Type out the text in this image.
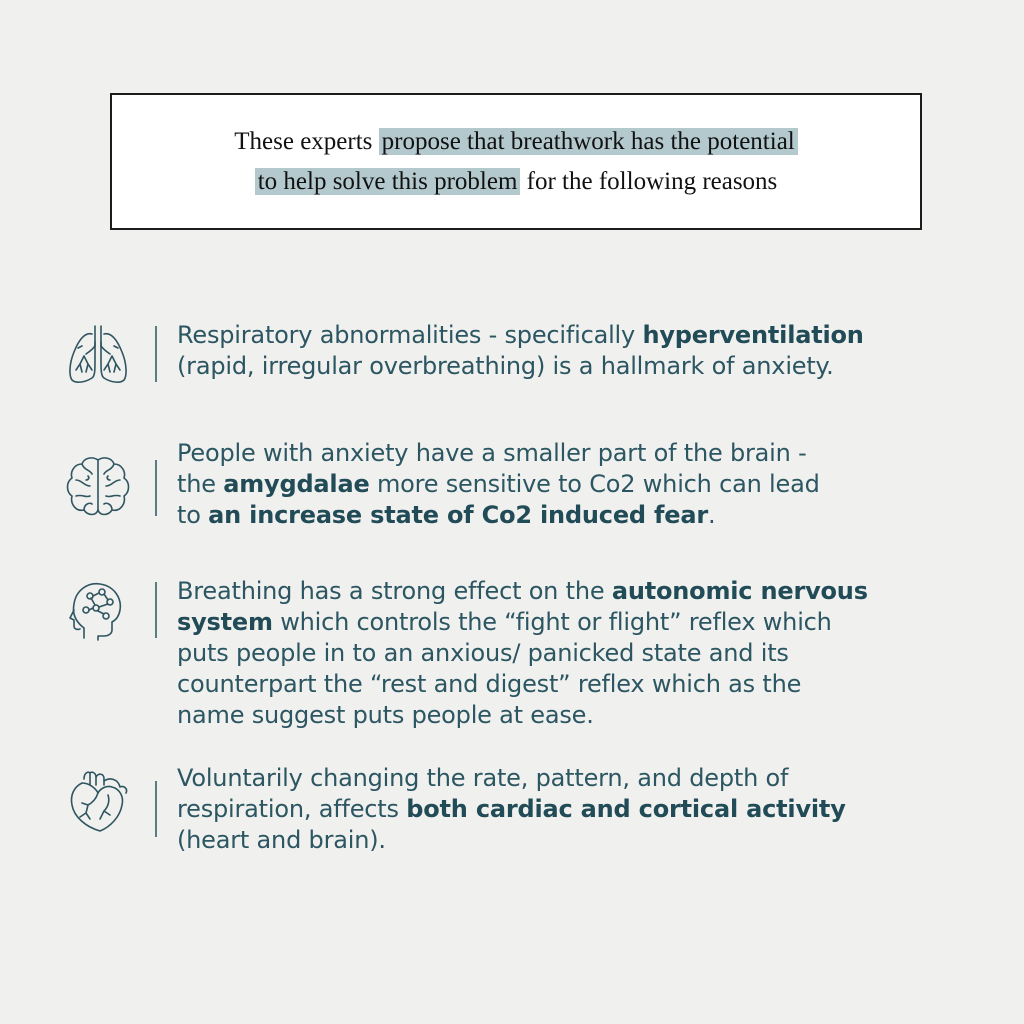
These experts propose that breathwork has the potential
to help solve this problem for the following reasons
Respiratory abnormalities - specifically hyperventilation
(rapid, irregular overbreathing) is a hallmark of anxiety.
People with anxiety have a smaller part of the brain -
the amygdalae more sensitive to Co2 which can lead
to an increase state of Co2 induced fear.
Breathing has a strong effect on the autonomic nervous
system which controls the “fight or flight” reflex which
puts people in to an anxious/ panicked state and its
counterpart the “rest and digest” reflex which as the
name suggest puts people at ease.
Voluntarily changing the rate, pattern, and depth of
respiration, affects both cardiac and cortical activity
(heart and brain).
